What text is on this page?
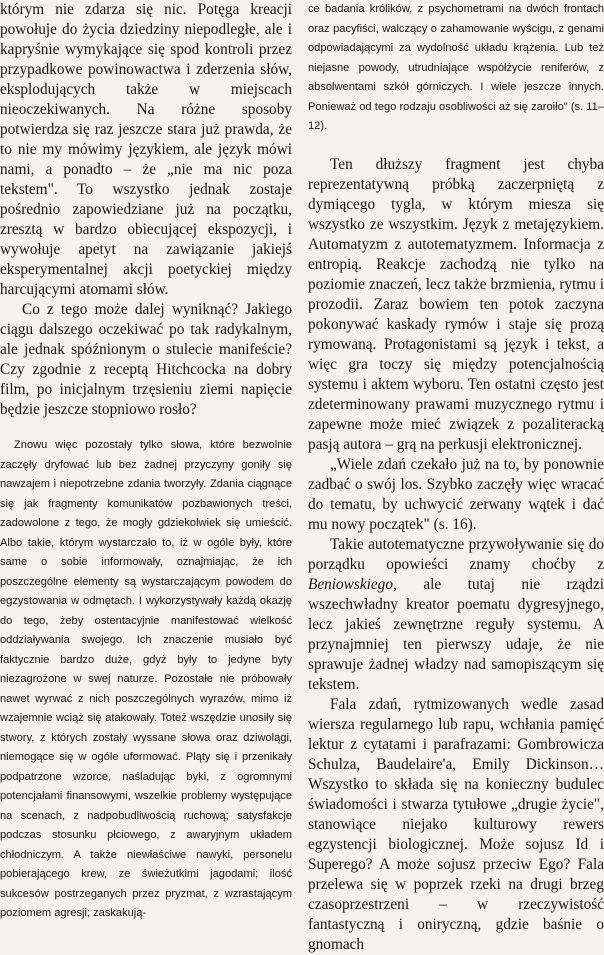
którym nie zdarza się nic. Potęga kreacji powołuje do życia dziedziny niepodległe, ale i kapryśnie wymykające się spod kontroli przez przypadkowe powinowactwa i zderzenia słów, eksplodujących także w miejscach nieoczekiwanych. Na różne sposoby potwierdza się raz jeszcze stara już prawda, że to nie my mówimy językiem, ale język mówi nami, a ponadto – że „nie ma nic poza tekstem". To wszystko jednak zostaje pośrednio zapowiedziane już na początku, zresztą w bardzo obiecującej ekspozycji, i wywołuje apetyt na zawiązanie jakiejś eksperymentalnej akcji poetyckiej między harcującymi atomami słów.

Co z tego może dalej wyniknąć? Jakiego ciągu dalszego oczekiwać po tak radykalnym, ale jednak spóźnionym o stulecie manifeście? Czy zgodnie z receptą Hitchcocka na dobry film, po inicjalnym trzęsieniu ziemi napięcie będzie jeszcze stopniowo rosło?

Znowu więc pozostały tylko słowa, które bezwolnie zaczęły dryfować lub bez żadnej przyczyny goniły się nawzajem i niepotrzebne zdania tworzyły. Zdania ciągnące się jak fragmenty komunikatów pozbawionych treści, zadowolone z tego, że mogły gdziekolwiek się umieścić. Albo takie, którym wystarczało to, iż w ogóle były, które same o sobie informowały, oznajmiając, że ich poszczególne elementy są wystarczającym powodem do egzystowania w odmętach. I wykorzystywały każdą okazję do tego, żeby ostentacyjnie manifestować wielkość oddziaływania swojego. Ich znaczenie musiało być faktycznie bardzo duże, gdyż były to jedyne byty niezagrożone w swej naturze. Pozostałe nie próbowały nawet wyrwać z nich poszczególnych wyrazów, mimo iż wzajemnie wciąż się atakowały. Toteż wszędzie unosiły się stwory, z których zostały wyssane słowa oraz dziwolągi, niemogące się w ogóle uformować. Pląty się i przenikały podpatrzone wzorce, naśladując byki, z ogromnymi potencjałami finansowymi, wszelkie problemy występujące na scenach, z nadpobudliwością ruchową; satysfakcje podczas stosunku płciowego, z awaryjnym układem chłodniczym. A także niewłaściwe nawyki, personelu pobierającego krew, ze świeżutkimi jagodami; ilość sukcesów postrzeganych przez pryzmat, z wzrastającym poziomem agresji; zaskakują-

ce badania królików, z psychometrami na dwóch frontach oraz pacyfiści, walczący o zahamowanie wyścigu, z genami odpowiadającymi za wydolność układu krążenia. Lub też niejasne powody, utrudniające współżycie reniferów, z absolwentami szkół górniczych. I wiele jeszcze innych. Ponieważ od tego rodzaju osobliwości aż się zaroiło" (s. 11–12).

Ten dłuższy fragment jest chyba reprezentatywną próbką zaczerpniętą z dymiącego tygla, w którym miesza się wszystko ze wszystkim. Język z metajęzykiem. Automatyzm z autotematyzmem. Informacja z entropią. Reakcje zachodzą nie tylko na poziomie znaczeń, lecz także brzmienia, rytmu i prozodii. Zaraz bowiem ten potok zaczyna pokonywać kaskady rymów i staje się prozą rymowaną. Protagonistami są język i tekst, a więc gra toczy się między potencjalnością systemu i aktem wyboru. Ten ostatni często jest zdeterminowany prawami muzycznego rytmu i zapewne może mieć związek z pozaliteracką pasją autora – grą na perkusji elektronicznej.

„Wiele zdań czekało już na to, by ponownie zadbać o swój los. Szybko zaczęły więc wracać do tematu, by uchwycić zerwany wątek i dać mu nowy początek" (s. 16).

Takie autotematyczne przywoływanie się do porządku opowieści znamy choćby z Beniowskiego, ale tutaj nie rządzi wszechwładny kreator poematu dygresyjnego, lecz jakieś zewnętrzne reguły systemu. A przynajmniej ten pierwszy udaje, że nie sprawuje żadnej władzy nad samopiszącym się tekstem.

Fala zdań, rytmizowanych wedle zasad wiersza regularnego lub rapu, wchłania pamięć lektur z cytatami i parafrazami: Gombrowicza Schulza, Baudelaire'a, Emily Dickinson… Wszystko to składa się na konieczny budulec świadomości i stwarza tytułowe „drugie życie", stanowiące niejako kulturowy rewers egzystencji biologicznej. Może sojusz Id i Superego? A może sojusz przeciw Ego? Fala przelewa się w poprzek rzeki na drugi brzeg czasoprzestrzeni – w rzeczywistość fantastyczną i oniryczną, gdzie baśnie o gnomach
